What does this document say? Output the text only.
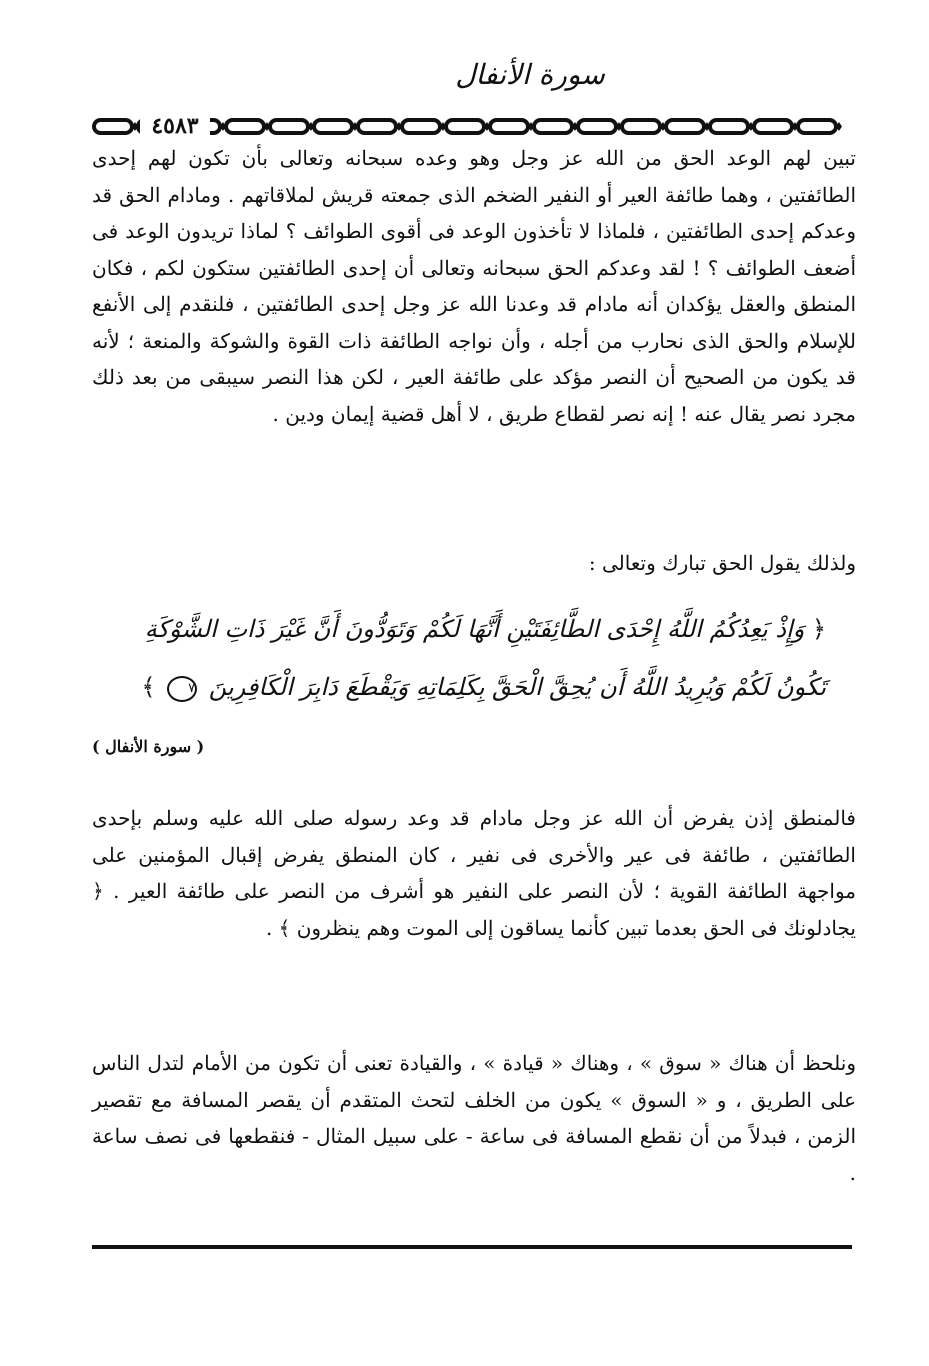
سورة الأنفال
٤٥٨٣

تبين لهم الوعد الحق من الله عز وجل وهو وعده سبحانه وتعالى بأن تكون لهم إحدى الطائفتين ، وهما طائفة العير أو النفير الضخم الذى جمعته قريش لملاقاتهم . ومادام الحق قد وعدكم إحدى الطائفتين ، فلماذا لا تأخذون الوعد فى أقوى الطوائف ؟ لماذا تريدون الوعد فى أضعف الطوائف ؟ ! لقد وعدكم الحق سبحانه وتعالى أن إحدى الطائفتين ستكون لكم ، فكان المنطق والعقل يؤكدان أنه مادام قد وعدنا الله عز وجل إحدى الطائفتين ، فلنقدم إلى الأنفع للإسلام والحق الذى نحارب من أجله ، وأن نواجه الطائفة ذات القوة والشوكة والمنعة ؛ لأنه قد يكون من الصحيح أن النصر مؤكد على طائفة العير ، لكن هذا النصر سيبقى من بعد ذلك مجرد نصر يقال عنه ! إنه نصر لقطاع طريق ، لا أهل قضية إيمان ودين .

ولذلك يقول الحق تبارك وتعالى :

﴿ وَإِذْ يَعِدُكُمُ اللَّهُ إِحْدَى الطَّائِفَتَيْنِ أَنَّهَا لَكُمْ وَتَوَدُّونَ أَنَّ غَيْرَ ذَاتِ الشَّوْكَةِ

تَكُونُ لَكُمْ وَيُرِيدُ اللَّهُ أَن يُحِقَّ الْحَقَّ بِكَلِمَاتِهِ وَيَقْطَعَ دَابِرَ الْكَافِرِينَ ٧ ﴾

( سورة الأنفال )

فالمنطق إذن يفرض أن الله عز وجل مادام قد وعد رسوله صلى الله عليه وسلم بإحدى الطائفتين ، طائفة فى عير والأخرى فى نفير ، كان المنطق يفرض إقبال المؤمنين على مواجهة الطائفة القوية ؛ لأن النصر على النفير هو أشرف من النصر على طائفة العير . ﴿ يجادلونك فى الحق بعدما تبين كأنما يساقون إلى الموت وهم ينظرون ﴾ .

ونلحظ أن هناك « سوق » ، وهناك « قيادة » ، والقيادة تعنى أن تكون من الأمام لتدل الناس على الطريق ، و « السوق » يكون من الخلف لتحث المتقدم أن يقصر المسافة مع تقصير الزمن ، فبدلاً من أن نقطع المسافة فى ساعة - على سبيل المثال - فنقطعها فى نصف ساعة .
